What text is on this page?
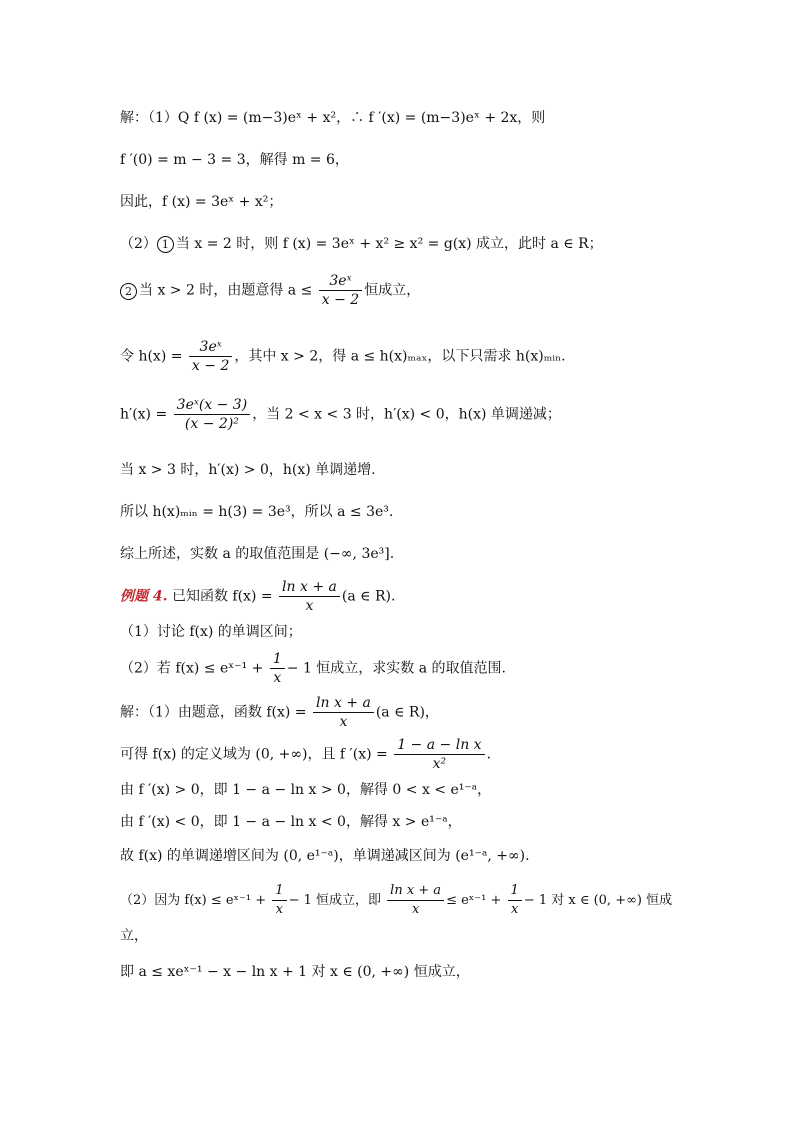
解：（1）Q f (x) = (m−3)eˣ + x²，∴ f ′(x) = (m−3)eˣ + 2x，则
f ′(0) = m − 3 = 3，解得 m = 6，
因此，f (x) = 3eˣ + x²；
（2） 1 当 x = 2 时，则 f (x) = 3eˣ + x² ≥ x² = g(x) 成立，此时 a ∈ R；
2 当 x > 2 时，由题意得 $a \le \frac{\text{3eˣ}}{x - 2}$ 恒成立，
令 $h(x) = \frac{\text{3eˣ}}{x - 2}$ ，其中 x > 2，得 a ≤ h(x)ₘₐₓ，以下只需求 h(x)ₘᵢₙ.
$h'(x) = \frac{\text{3eˣ(x − 3)}}{\text{(x − 2)²}}$ ，当 2 < x < 3 时，h′(x) < 0，h(x) 单调递减；
当 x > 3 时，h′(x) > 0，h(x) 单调递增.
所以 h(x)ₘᵢₙ = h(3) = 3e³，所以 a ≤ 3e³.
综上所述，实数 a 的取值范围是 (−∞, 3e³].
例题 4. 已知函数 $f(x) = \frac{\text{ln x + a}}{x} (a$ ∈ R).
（1）讨论 f(x) 的单调区间；
（2）若 f(x) ≤ eˣ⁻¹ + $\frac{1}{x} - 1$ 恒成立，求实数 a 的取值范围.
解：（1）由题意，函数 $f(x) = \frac{\text{ln x + a}}{x} (a$ ∈ R)，
可得 f(x) 的定义域为 (0, +∞)，且 f $'(x) = \frac{\text{1 − a − ln x}}{\text{x²}}$ .
由 f ′(x) > 0，即 1 − a − ln x > 0，解得 0 < x < e¹⁻ᵃ，
由 f ′(x) < 0，即 1 − a − ln x < 0，解得 x > e¹⁻ᵃ，
故 f(x) 的单调递增区间为 (0, e¹⁻ᵃ)，单调递减区间为 (e¹⁻ᵃ, +∞).
（2）因为 f(x) ≤ eˣ⁻¹ + $\frac{1}{x} - 1$ 恒成立，即 $\frac{\text{ln x + a}}{x}$ ≤ eˣ⁻¹ + $\frac{1}{x} - 1$ 对 x ∈ (0, +∞) 恒成
立，
即 a ≤ xeˣ⁻¹ − x − ln x + 1 对 x ∈ (0, +∞) 恒成立，
